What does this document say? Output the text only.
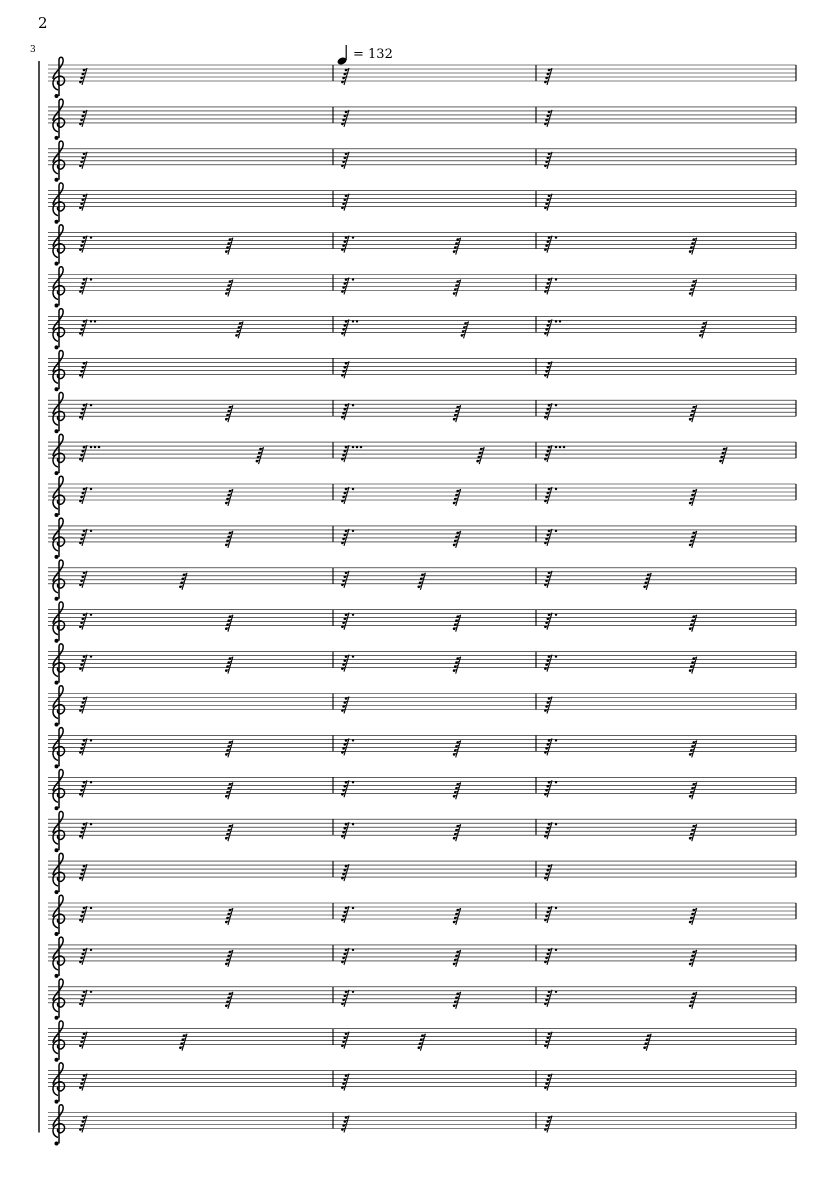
2
3	= 132
